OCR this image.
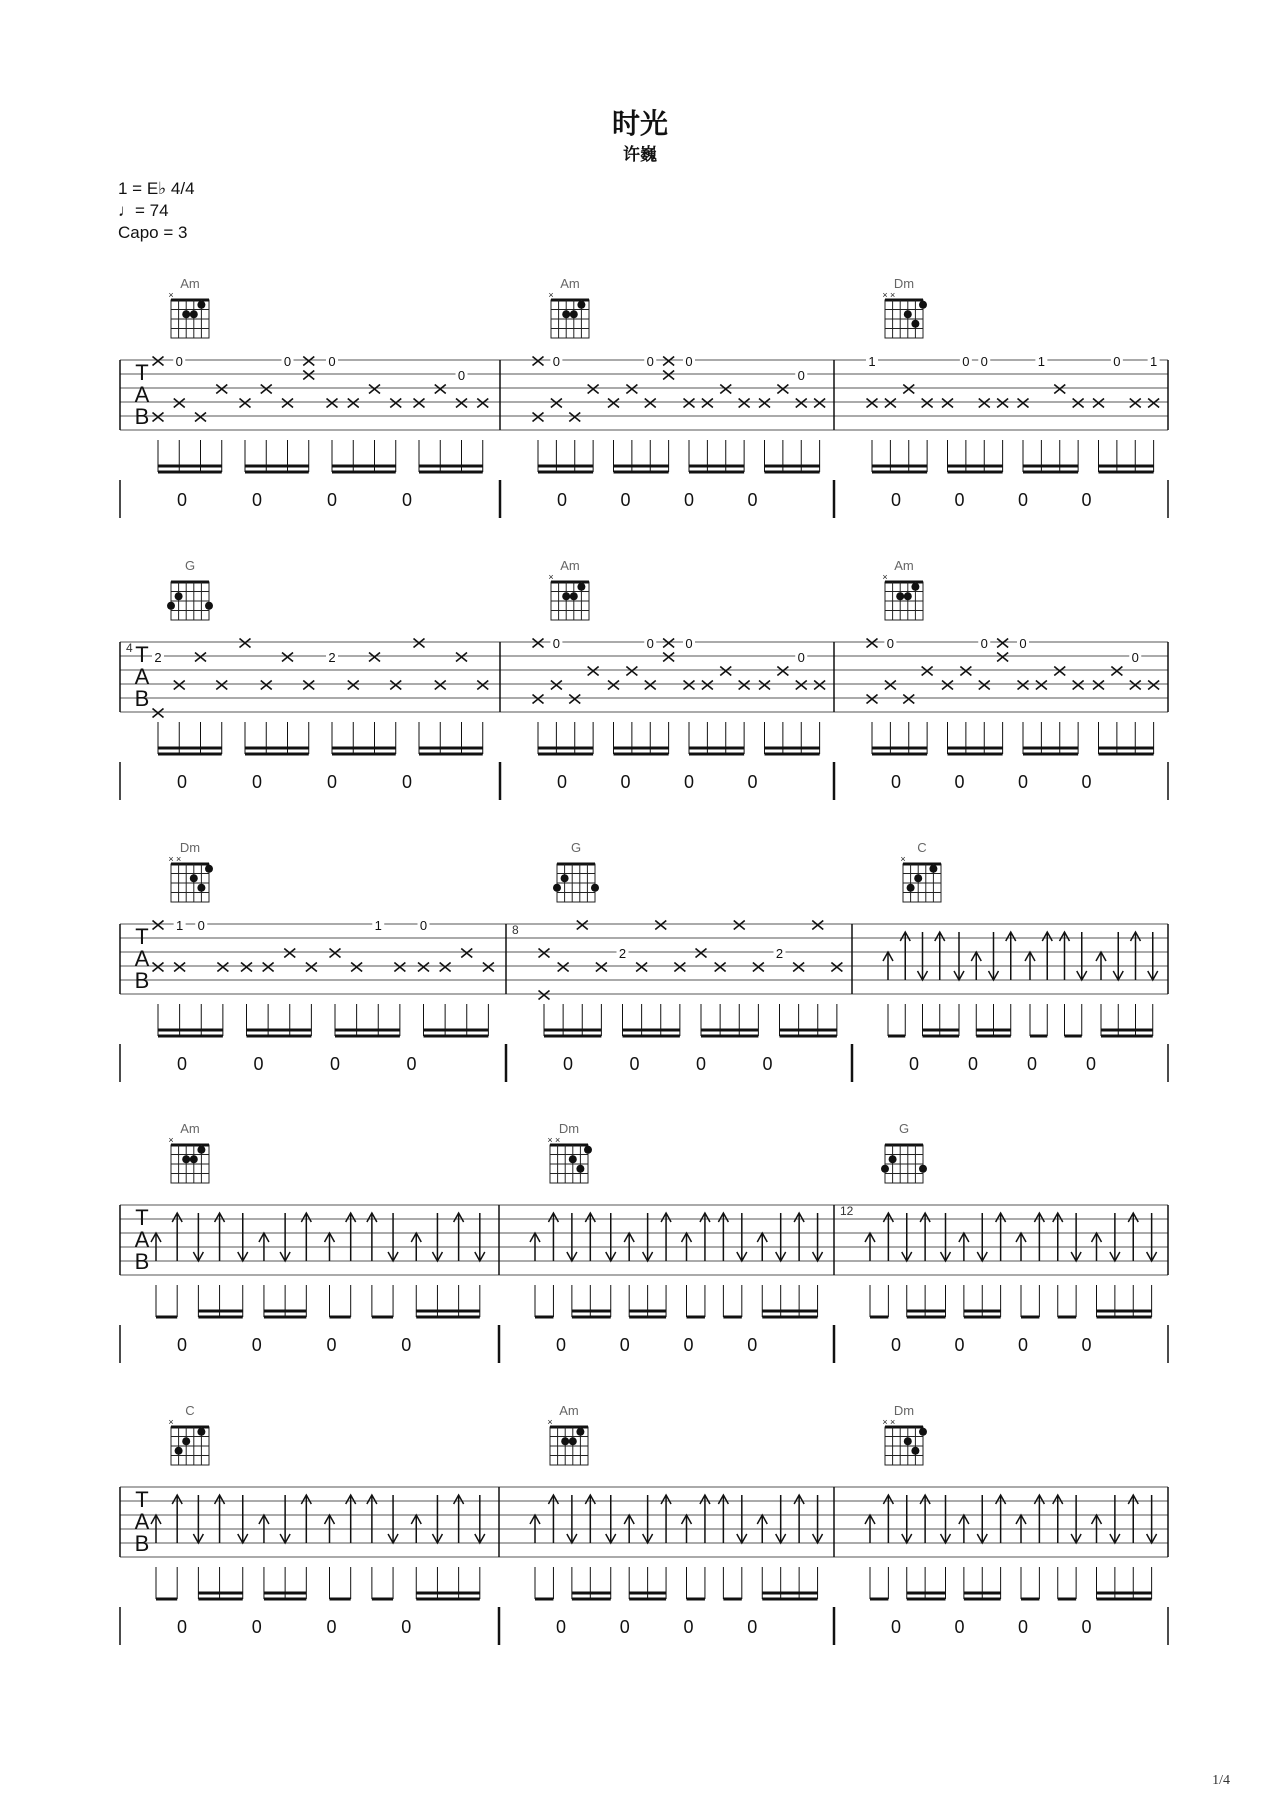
时光
许巍
1 = E♭ 4/4
♩= 74
Capo = 3
T
A
B
0	0	0
0
0	0	0	0
0	0 0
0
0	0	0	0
1	0 0	1	0 1
0	0	0	0
Am
×
Am
×
Dm
× ×
T
A
B
4
2	2
0	0	0	0
0	0 0
0
0	0	0	0
0	0 0
0
0	0	0	0
G	Am
×
Am
×
T
A
B
1 0	1	0
0	0	0	0
8
2	2
0	0	0	0	0	0	0	0
Dm
× ×
G	C
×
T
A
B
0	0	0	0	0	0	0	0
12
0	0	0	0
Am
×
Dm
× ×
G
T
A
B
0	0	0	0	0	0	0	0	0	0	0	0
C
×
Am
×
Dm
× ×
1/4
